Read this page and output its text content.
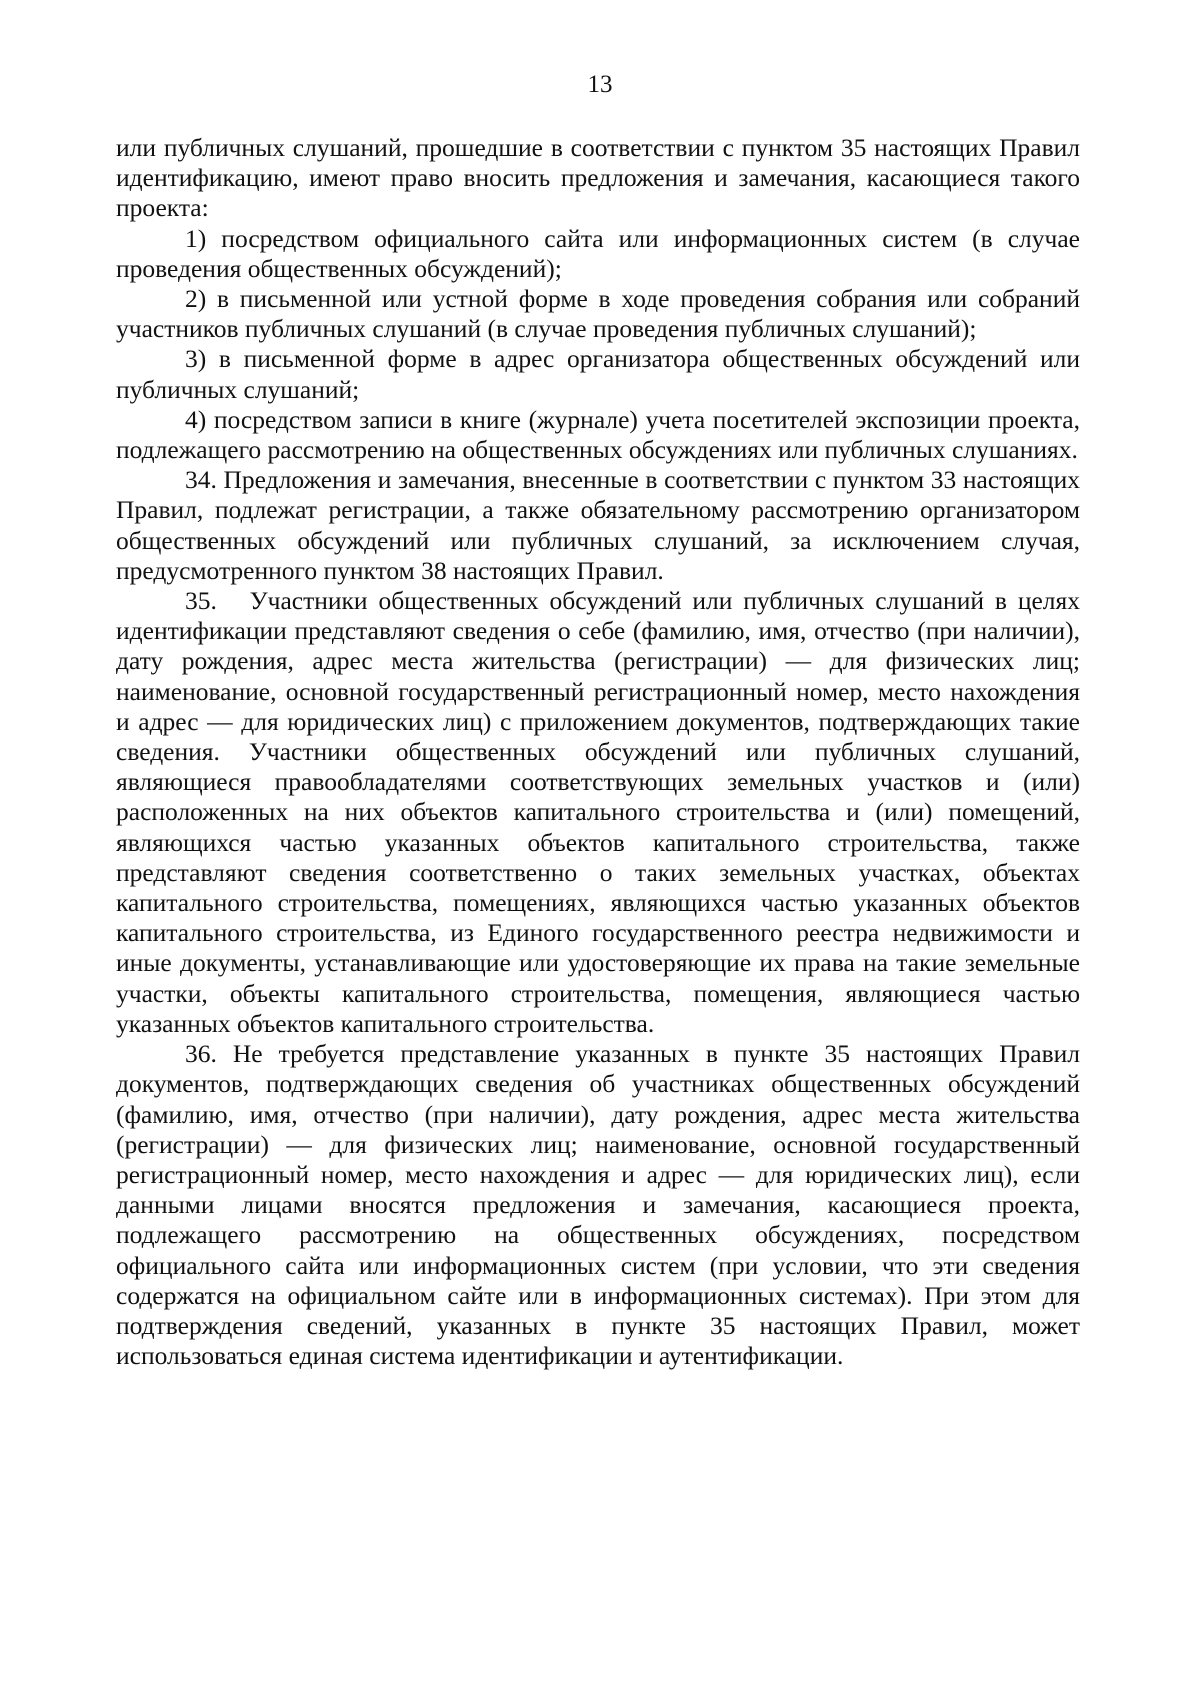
13

или публичных слушаний, прошедшие в соответствии с пунктом 35 настоящих Правил идентификацию, имеют право вносить предложения и замечания, касающиеся такого проекта:

1) посредством официального сайта или информационных систем (в случае проведения общественных обсуждений);

2) в письменной или устной форме в ходе проведения собрания или собраний участников публичных слушаний (в случае проведения публичных слушаний);

3) в письменной форме в адрес организатора общественных обсуждений или публичных слушаний;

4) посредством записи в книге (журнале) учета посетителей экспозиции проекта, подлежащего рассмотрению на общественных обсуждениях или публичных слушаниях.

34. Предложения и замечания, внесенные в соответствии с пунктом 33 настоящих Правил, подлежат регистрации, а также обязательному рассмотрению организатором общественных обсуждений или публичных слушаний, за исключением случая, предусмотренного пунктом 38 настоящих Правил.

35.   Участники общественных обсуждений или публичных слушаний в целях идентификации представляют сведения о себе (фамилию, имя, отчество (при наличии), дату рождения, адрес места жительства (регистрации) — для физических лиц; наименование, основной государственный регистрационный номер, место нахождения и адрес — для юридических лиц) с приложением документов, подтверждающих такие сведения. Участники общественных обсуждений или публичных слушаний, являющиеся правообладателями соответствующих земельных участков и (или) расположенных на них объектов капитального строительства и (или) помещений, являющихся частью указанных объектов капитального строительства, также представляют сведения соответственно о таких земельных участках, объектах капитального строительства, помещениях, являющихся частью указанных объектов капитального строительства, из Единого государственного реестра недвижимости и иные документы, устанавливающие или удостоверяющие их права на такие земельные участки, объекты капитального строительства, помещения, являющиеся частью указанных объектов капитального строительства.

36. Не требуется представление указанных в пункте 35 настоящих Правил документов, подтверждающих сведения об участниках общественных обсуждений (фамилию, имя, отчество (при наличии), дату рождения, адрес места жительства (регистрации) — для физических лиц; наименование, основной государственный регистрационный номер, место нахождения и адрес — для юридических лиц), если данными лицами вносятся предложения и замечания, касающиеся проекта, подлежащего рассмотрению на общественных обсуждениях, посредством официального сайта или информационных систем (при условии, что эти сведения содержатся на официальном сайте или в информационных системах). При этом для подтверждения сведений, указанных в пункте 35 настоящих Правил, может использоваться единая система идентификации и аутентификации.
